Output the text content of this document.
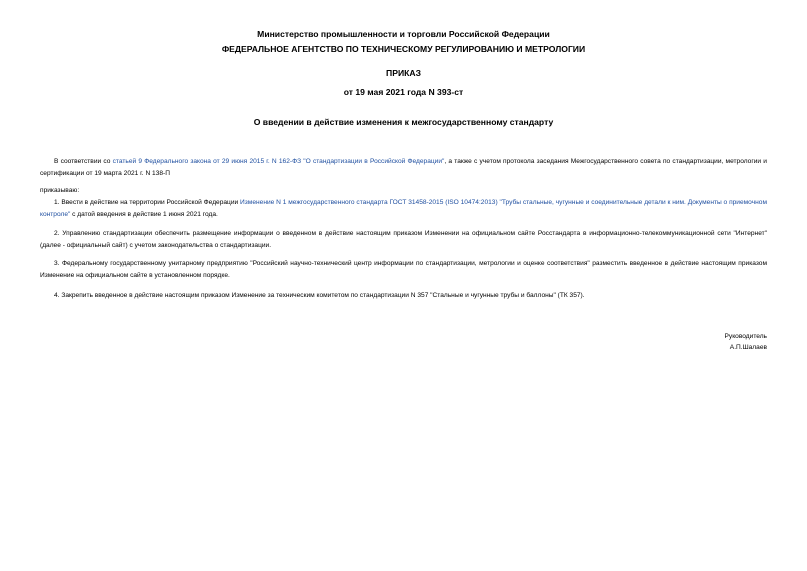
Министерство промышленности и торговли Российской Федерации
ФЕДЕРАЛЬНОЕ АГЕНТСТВО ПО ТЕХНИЧЕСКОМУ РЕГУЛИРОВАНИЮ И МЕТРОЛОГИИ
ПРИКАЗ
от 19 мая 2021 года N 393-ст
О введении в действие изменения к межгосударственному стандарту
В соответствии со статьей 9 Федерального закона от 29 июня 2015 г. N 162-ФЗ "О стандартизации в Российской Федерации", а также с учетом протокола заседания Межгосударственного совета по стандартизации, метрологии и сертификации от 19 марта 2021 г. N 138-П
приказываю:
1. Ввести в действие на территории Российской Федерации Изменение N 1 межгосударственного стандарта ГОСТ 31458-2015 (ISO 10474:2013) "Трубы стальные, чугунные и соединительные детали к ним. Документы о приемочном контроле" с датой введения в действие 1 июня 2021 года.
2. Управлению стандартизации обеспечить размещение информации о введенном в действие настоящим приказом Изменении на официальном сайте Росстандарта в информационно-телекоммуникационной сети "Интернет" (далее - официальный сайт) с учетом законодательства о стандартизации.
3. Федеральному государственному унитарному предприятию "Российский научно-технический центр информации по стандартизации, метрологии и оценке соответствия" разместить введенное в действие настоящим приказом Изменение на официальном сайте в установленном порядке.
4. Закрепить введенное в действие настоящим приказом Изменение за техническим комитетом по стандартизации N 357 "Стальные и чугунные трубы и баллоны" (ТК 357).
Руководитель
А.П.Шалаев
